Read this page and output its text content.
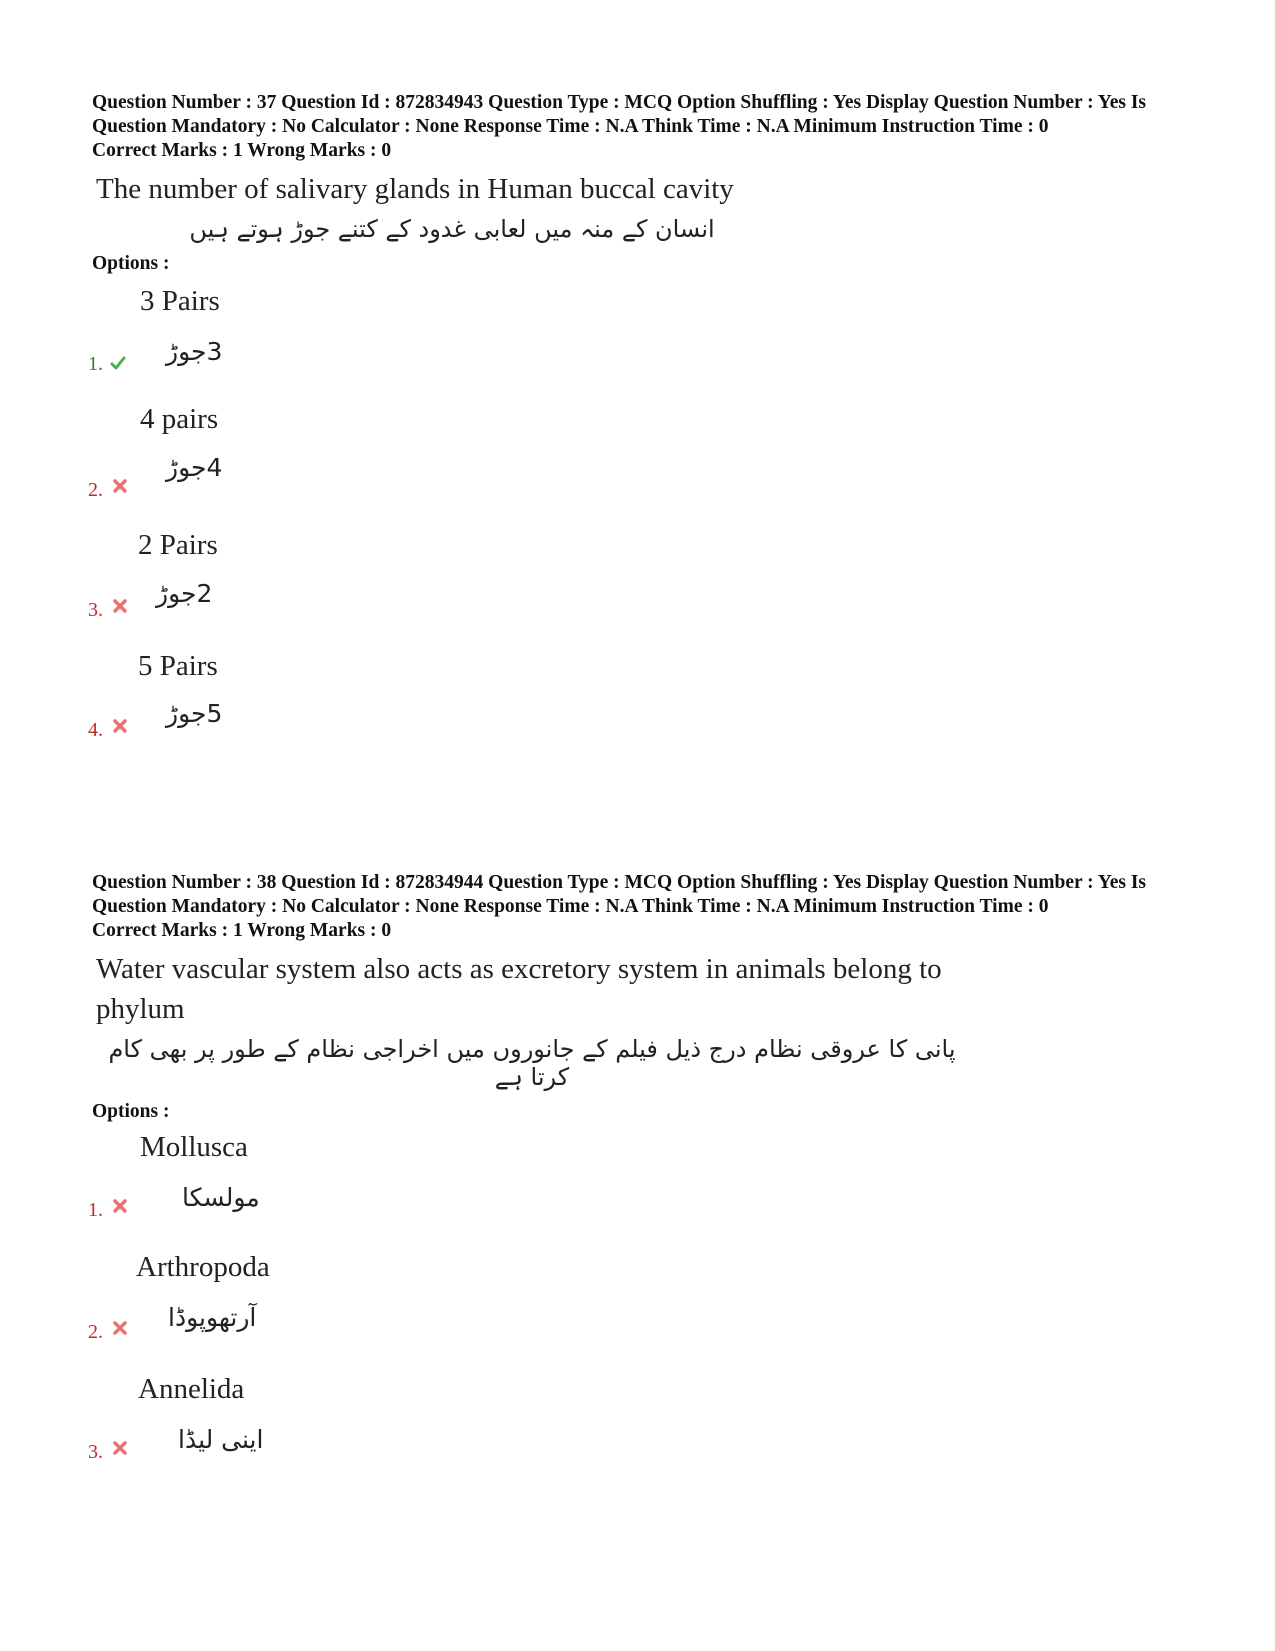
Question Number : 37 Question Id : 872834943 Question Type : MCQ Option Shuffling : Yes Display Question Number : Yes Is Question Mandatory : No Calculator : None Response Time : N.A Think Time : N.A Minimum Instruction Time : 0

Correct Marks : 1 Wrong Marks : 0

The number of salivary glands in Human buccal cavity
انسان کے منہ میں لعابی غدود کے کتنے جوڑ ہوتے ہیں

Options :

3 Pairs
3جوڑ
1.
4 pairs
4جوڑ
2.
2 Pairs
2جوڑ
3.
5 Pairs
5جوڑ
4.

Question Number : 38 Question Id : 872834944 Question Type : MCQ Option Shuffling : Yes Display Question Number : Yes Is Question Mandatory : No Calculator : None Response Time : N.A Think Time : N.A Minimum Instruction Time : 0

Correct Marks : 1 Wrong Marks : 0

Water vascular system also acts as excretory system in animals belong to phylum
پانی کا عروقی نظام درج ذیل فیلم کے جانوروں میں اخراجی نظام کے طور پر بھی کام کرتا ہے

Options :

Mollusca
مولسکا
1.
Arthropoda
آرتھوپوڈا
2.
Annelida
اینی لیڈا
3.
